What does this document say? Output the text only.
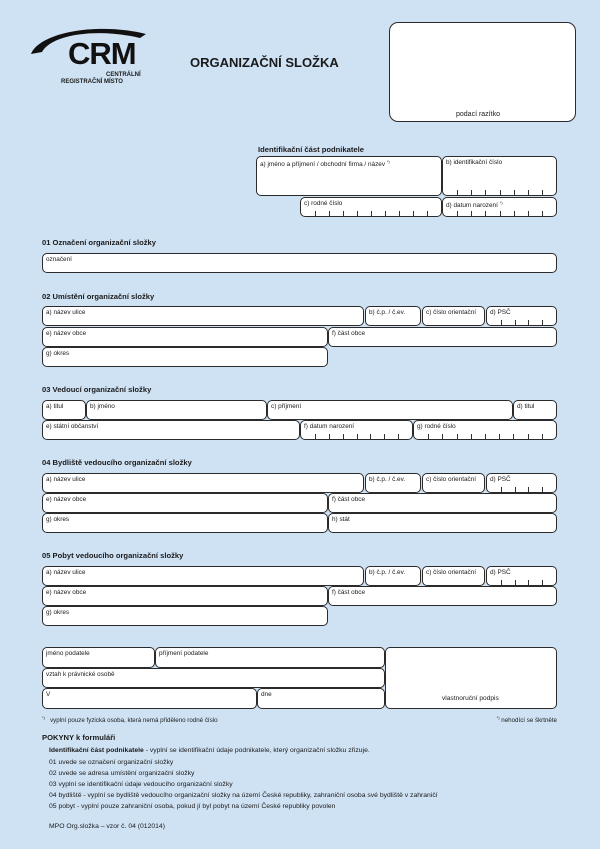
CRM
CENTRÁLNÍ
REGISTRAČNÍ MÍSTO
ORGANIZAČNÍ SLOŽKA
podací razítko
Identifikační část podnikatele
a) jméno a příjmení / obchodní firma / název *)	b) identifikační číslo
c) rodné číslo	d) datum narození *)
01 Označení organizační složky
označení
02 Umístění organizační složky
a) název ulice	b) č.p. / č.ev.	c) číslo orientační d) PSČ
e) název obce	f) část obce
g) okres
03 Vedoucí organizační složky
a) titul	b) jméno	c) příjmení	d) titul
e) státní občanství	f) datum narození	g) rodné číslo
04 Bydliště vedoucího organizační složky
a) název ulice	b) č.p. / č.ev.	c) číslo orientační d) PSČ
e) název obce	f) část obce
g) okres	h) stát
05 Pobyt vedoucího organizační složky
a) název ulice	b) č.p. / č.ev.	c) číslo orientační d) PSČ
e) název obce	f) část obce
g) okres
jméno podatele	příjmení podatele
vztah k právnické osobě
V	dne
vlastnoruční podpis
*) vyplní pouze fyzická osoba, která nemá přiděleno rodné číslo	*) nehodící se škrtněte
POKYNY k formuláři
Identifikační část podnikatele - vyplní se identifikační údaje podnikatele, který organizační složku zřizuje.
01 uvede se označení organizační složky
02 uvede se adresa umístění organizační složky
03 vyplní se identifikační údaje vedoucího organizační složky
04 bydliště - vyplní se bydliště vedoucího organizační složky na území České republiky, zahraniční osoba své bydliště v zahraničí
05 pobyt - vyplní pouze zahraniční osoba, pokud jí byl pobyt na území České republiky povolen
MPO Org.složka – vzor č. 04 (012014)
